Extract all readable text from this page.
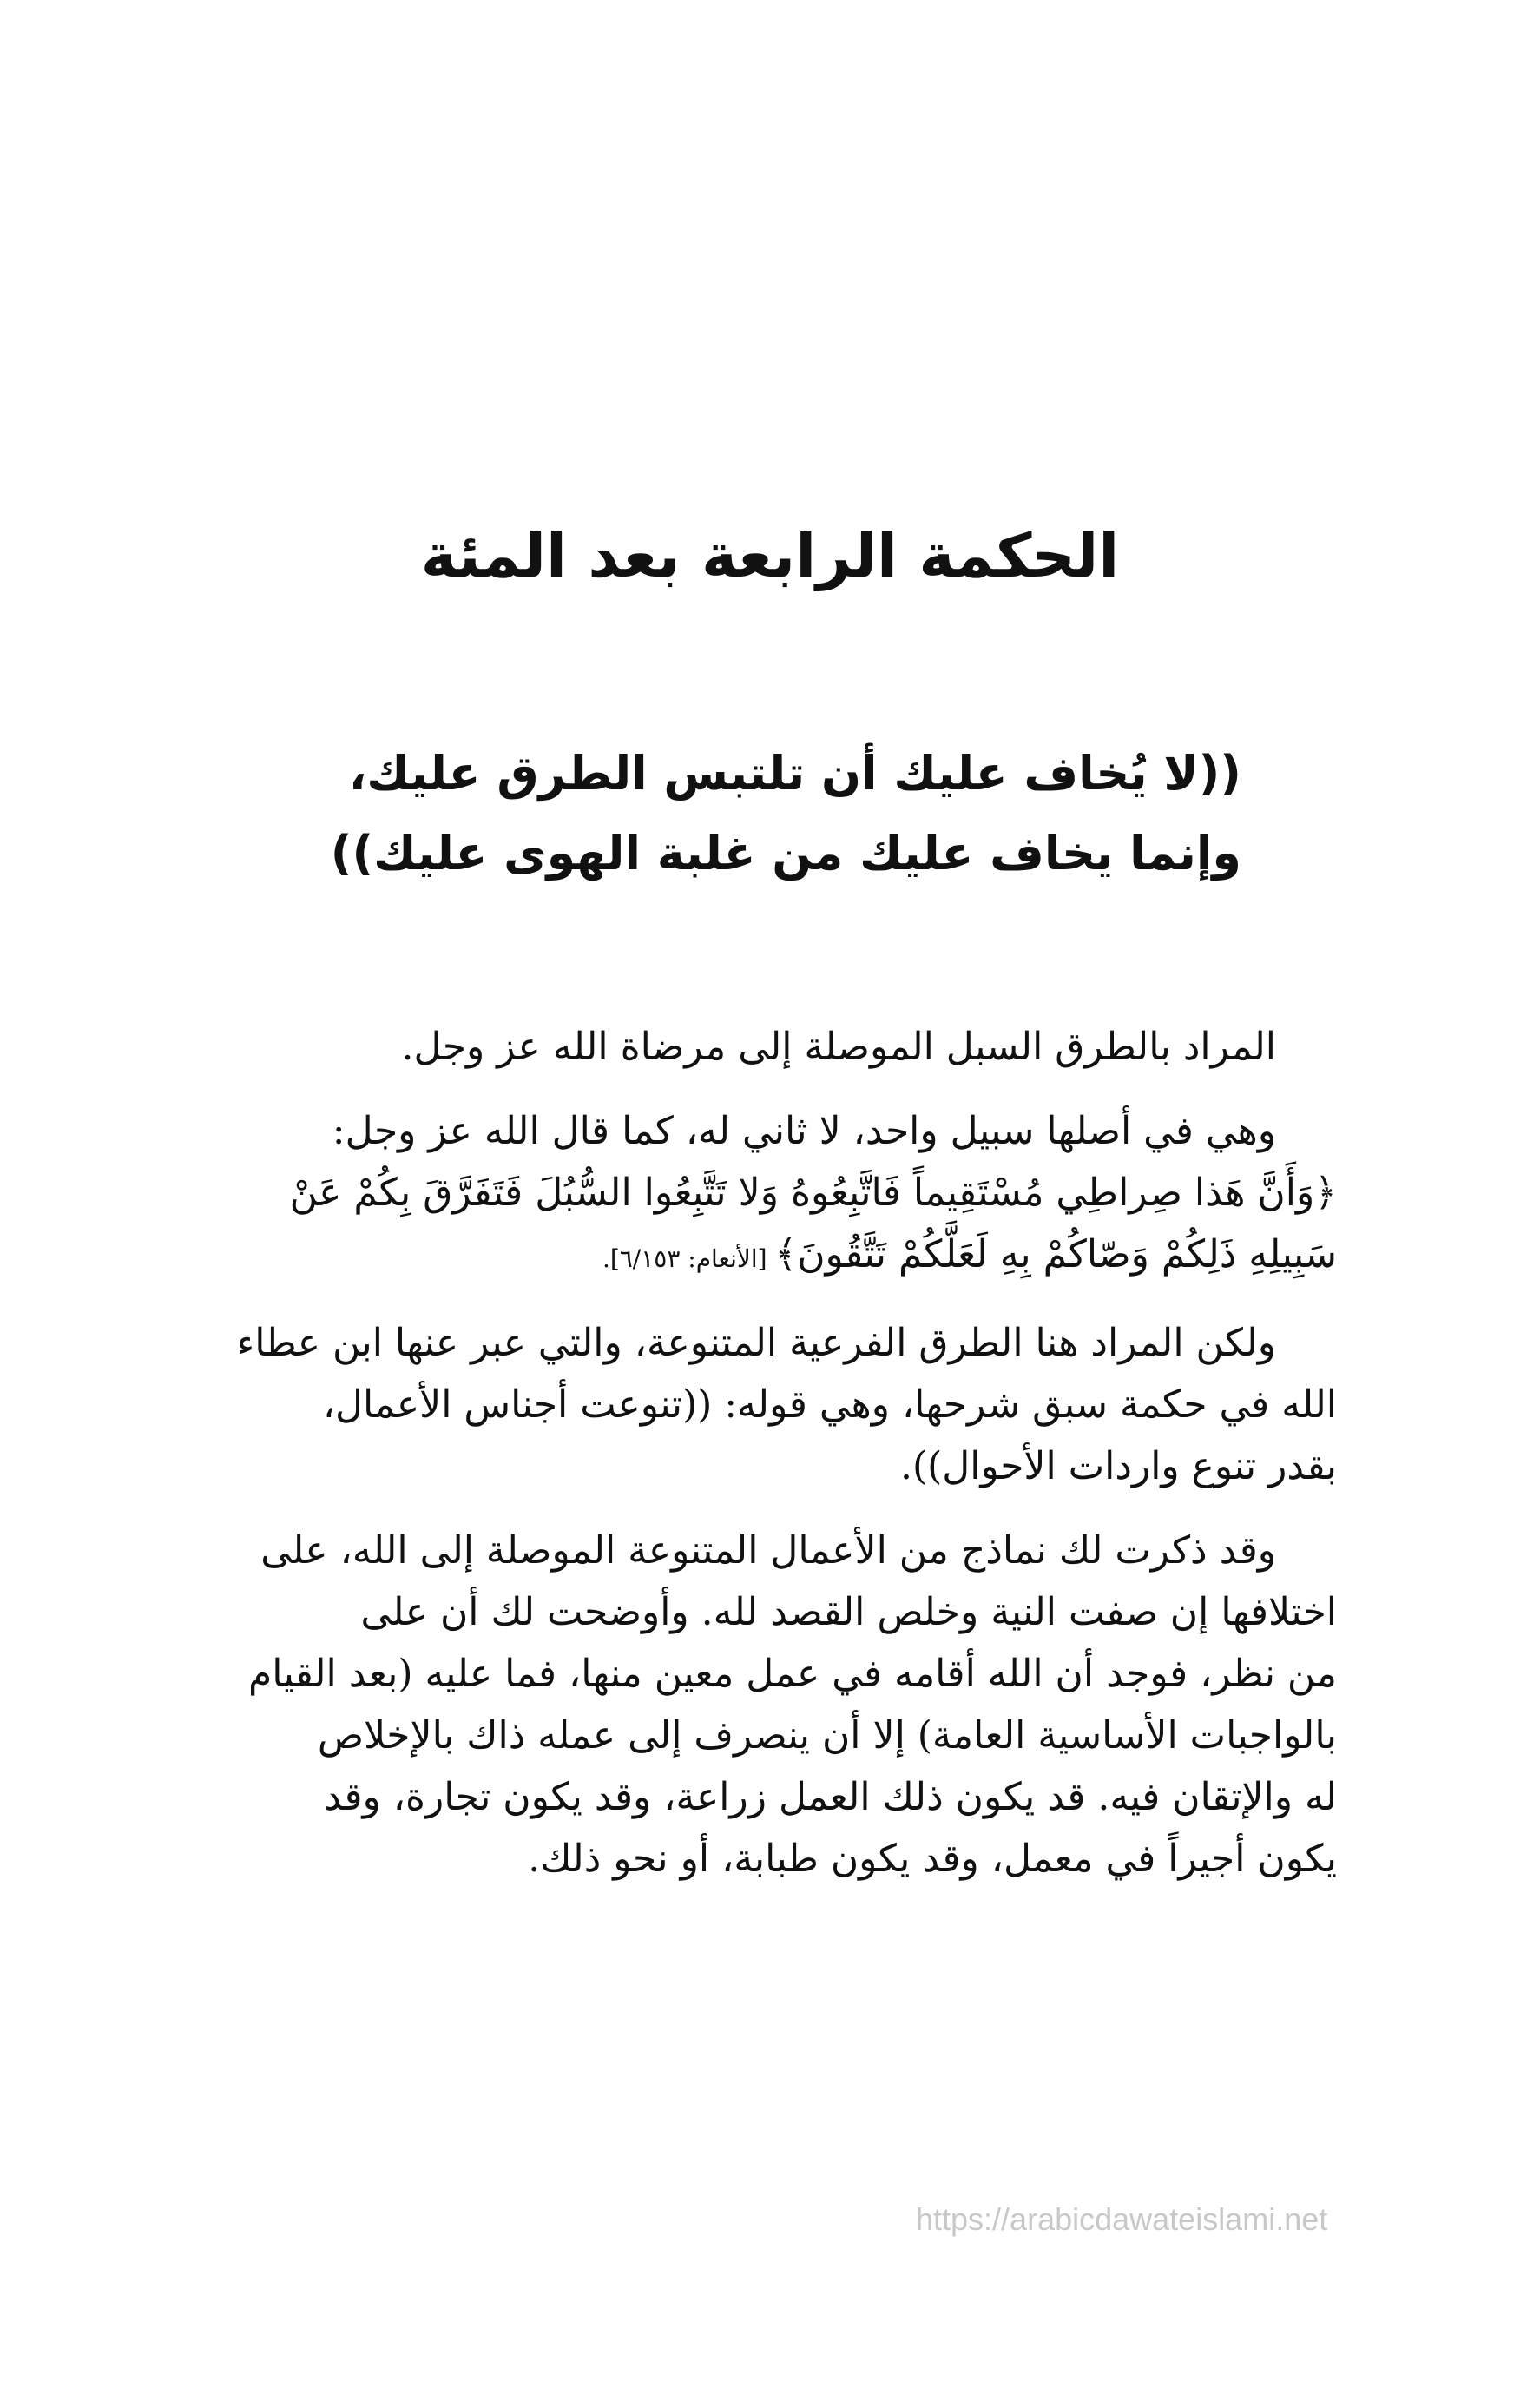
الحكمة الرابعة بعد المئة
((لا يُخاف عليك أن تلتبس الطرق عليك،
وإنما يخاف عليك من غلبة الهوى عليك))

المراد بالطرق السبل الموصلة إلى مرضاة الله عز وجل.

وهي في أصلها سبيل واحد، لا ثاني له، كما قال الله عز وجل:
﴿وَأَنَّ هَذا صِراطِي مُسْتَقِيماً فَاتَّبِعُوهُ وَلا تَتَّبِعُوا السُّبُلَ فَتَفَرَّقَ بِكُمْ عَنْ
سَبِيلِهِ ذَلِكُمْ وَصّاكُمْ بِهِ لَعَلَّكُمْ تَتَّقُونَ﴾ [الأنعام: ٦/١٥٣].

ولكن المراد هنا الطرق الفرعية المتنوعة، والتي عبر عنها ابن عطاء
الله في حكمة سبق شرحها، وهي قوله: ((تنوعت أجناس الأعمال،
بقدر تنوع واردات الأحوال)).

وقد ذكرت لك نماذج من الأعمال المتنوعة الموصلة إلى الله، على
اختلافها إن صفت النية وخلص القصد لله. وأوضحت لك أن على
من نظر، فوجد أن الله أقامه في عمل معين منها، فما عليه (بعد القيام
بالواجبات الأساسية العامة) إلا أن ينصرف إلى عمله ذاك بالإخلاص
له والإتقان فيه. قد يكون ذلك العمل زراعة، وقد يكون تجارة، وقد
يكون أجيراً في معمل، وقد يكون طبابة، أو نحو ذلك.

https://arabicdawateislami.net
